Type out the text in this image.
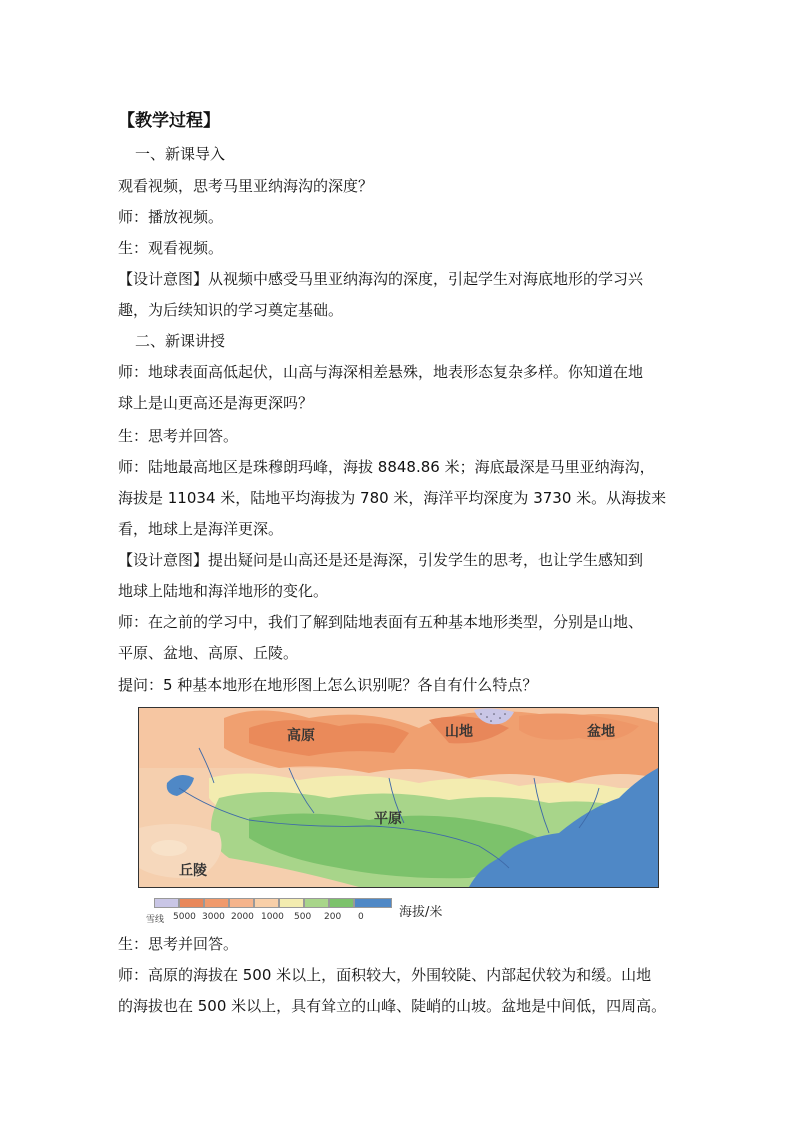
【教学过程】
一、新课导入
观看视频，思考马里亚纳海沟的深度？
师：播放视频。
生：观看视频。
【设计意图】从视频中感受马里亚纳海沟的深度，引起学生对海底地形的学习兴
趣，为后续知识的学习奠定基础。
二、新课讲授
师：地球表面高低起伏，山高与海深相差悬殊，地表形态复杂多样。你知道在地
球上是山更高还是海更深吗？
生：思考并回答。
师：陆地最高地区是珠穆朗玛峰，海拔 8848.86 米；海底最深是马里亚纳海沟，
海拔是 11034 米，陆地平均海拔为 780 米，海洋平均深度为 3730 米。从海拔来
看，地球上是海洋更深。
【设计意图】提出疑问是山高还是还是海深，引发学生的思考，也让学生感知到
地球上陆地和海洋地形的变化。
师：在之前的学习中，我们了解到陆地表面有五种基本地形类型，分别是山地、
平原、盆地、高原、丘陵。
提问：5 种基本地形在地形图上怎么识别呢？各自有什么特点？
高原	山地	盆地
平原
丘陵
雪线 5000 3000 2000 1000 500 200 0	海拔/米
生：思考并回答。
师：高原的海拔在 500 米以上，面积较大，外围较陡、内部起伏较为和缓。山地
的海拔也在 500 米以上，具有耸立的山峰、陡峭的山坡。盆地是中间低，四周高。
